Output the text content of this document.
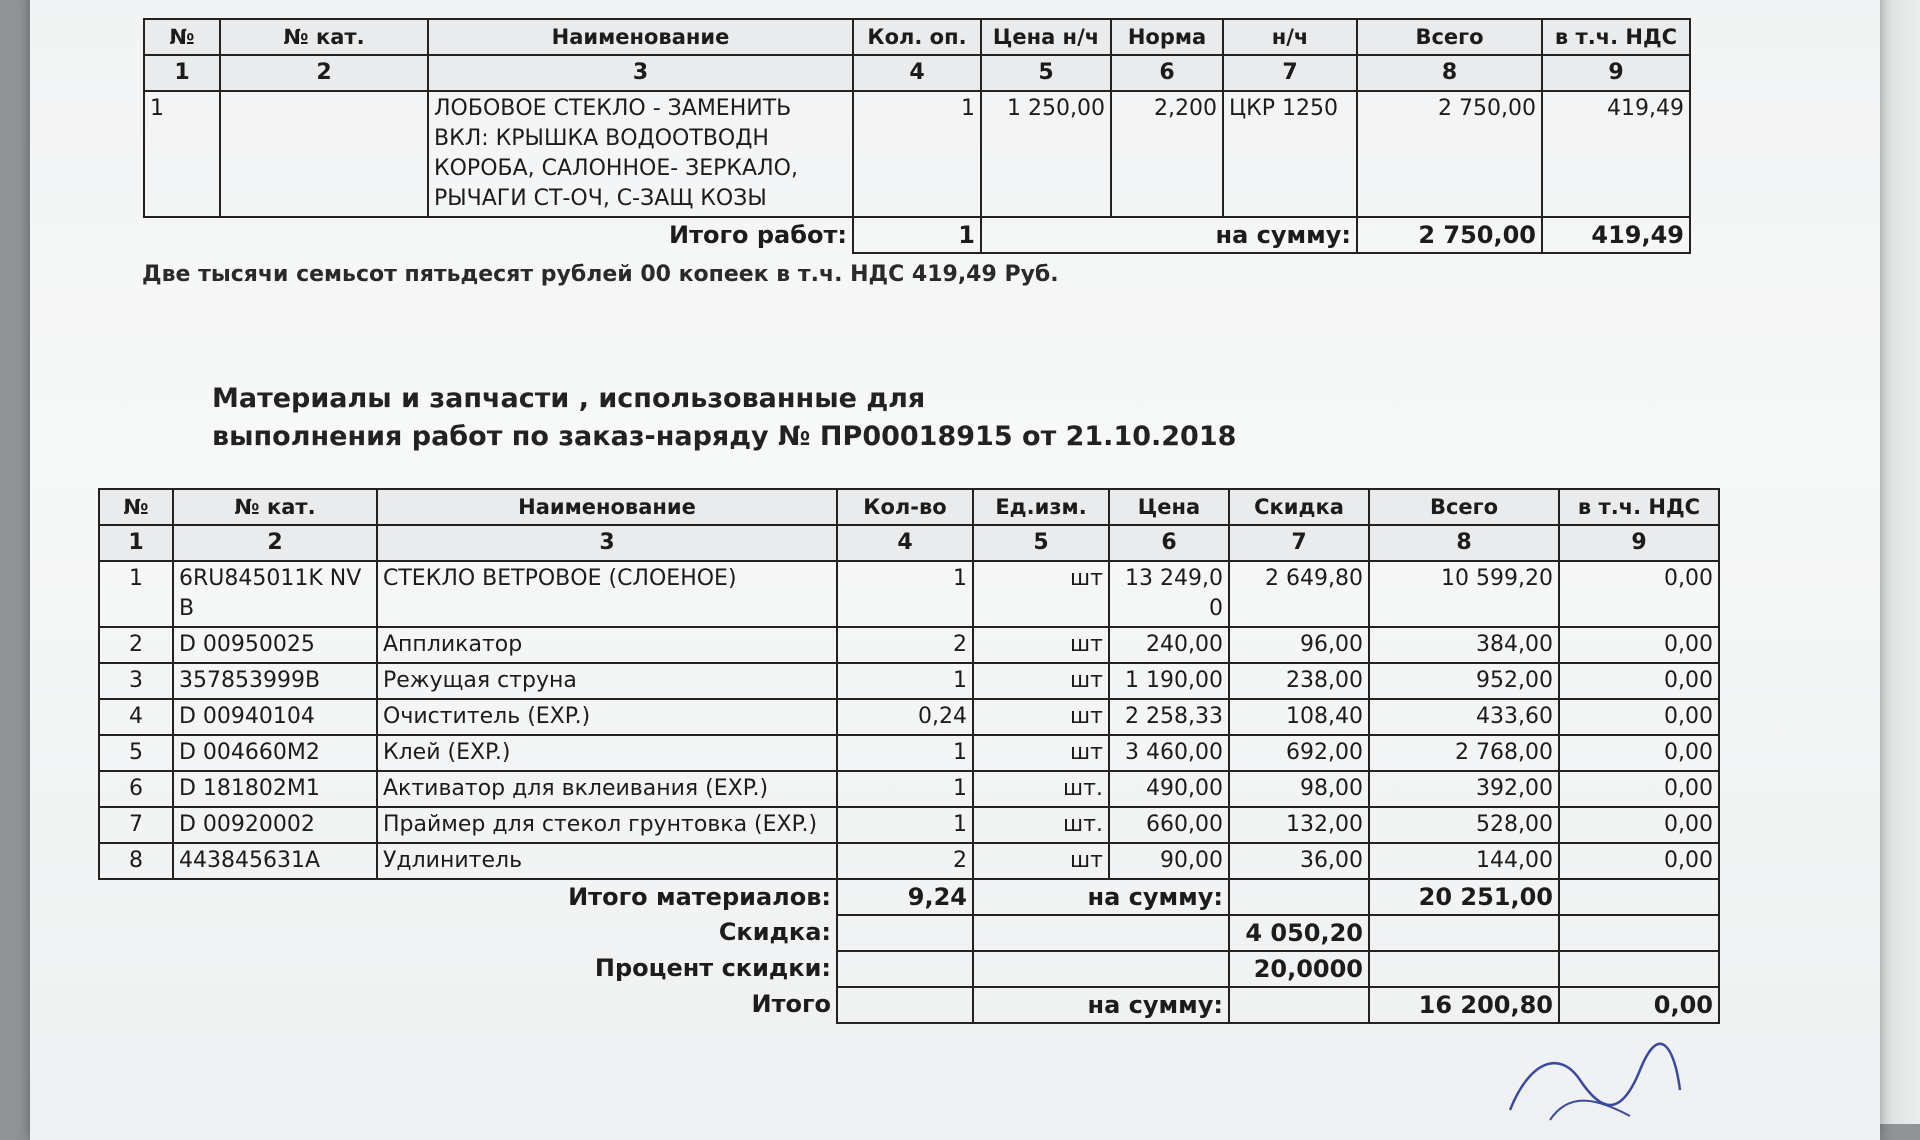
№	№ кат.	Наименование	Кол. оп.	Цена н/ч	Норма	н/ч	Всего	в т.ч. НДС
1	2	3	4	5	6	7	8	9
1		ЛОБОВОЕ СТЕКЛО - ЗАМЕНИТЬ ВКЛ: КРЫШКА ВОДООТВОДН КОРОБА, САЛОННОЕ- ЗЕРКАЛО, РЫЧАГИ СТ-ОЧ, С-ЗАЩ КОЗЫ	1	1 250,00	2,200	ЦКР 1250	2 750,00	419,49
		Итого работ:	1	на сумму:			2 750,00	419,49
Две тысячи семьсот пятьдесят рублей 00 копеек в т.ч. НДС 419,49 Руб.
Материалы и запчасти , использованные для
выполнения работ по заказ-наряду № ПР00018915 от 21.10.2018
№	№ кат.	Наименование	Кол-во	Ед.изм.	Цена	Скидка	Всего	в т.ч. НДС
1	2	3	4	5	6	7	8	9
1	6RU845011K NVB	СТЕКЛО ВЕТРОВОЕ (СЛОЕНОЕ)	1	шт	13 249,00	2 649,80	10 599,20	0,00
2	D 00950025	Аппликатор	2	шт	240,00	96,00	384,00	0,00
3	357853999B	Режущая струна	1	шт	1 190,00	238,00	952,00	0,00
4	D 00940104	Очиститель (EXP.)	0,24	шт	2 258,33	108,40	433,60	0,00
5	D 004660M2	Клей (EXP.)	1	шт	3 460,00	692,00	2 768,00	0,00
6	D 181802M1	Активатор для вклеивания (EXP.)	1	шт.	490,00	98,00	392,00	0,00
7	D 00920002	Праймер для стекол грунтовка (EXP.)	1	шт.	660,00	132,00	528,00	0,00
8	443845631A	Удлинитель	2	шт	90,00	36,00	144,00	0,00
		Итого материалов:	9,24	на сумму:			20 251,00	
		Скидка:				4 050,20		
		Процент скидки:				20,0000		
		Итого		на сумму:			16 200,80	0,00
